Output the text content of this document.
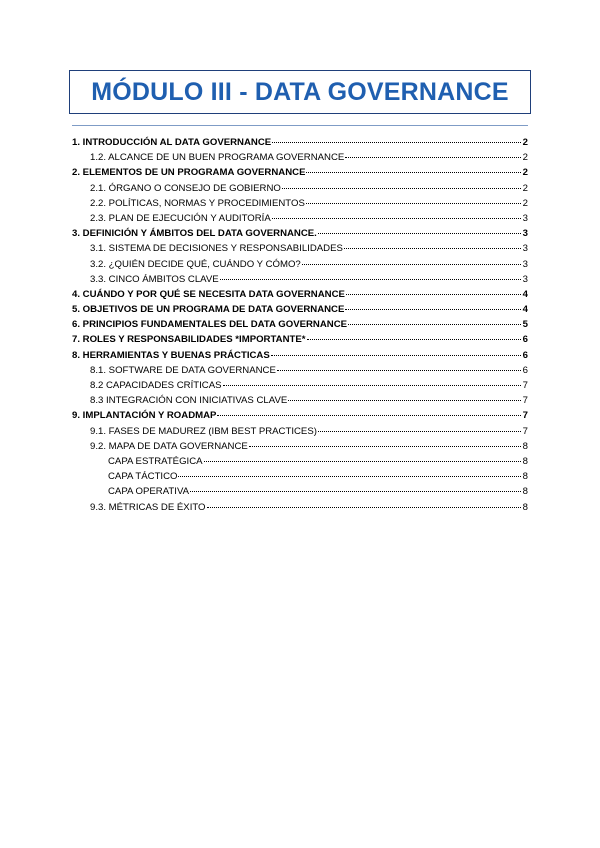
MÓDULO III - DATA GOVERNANCE
1. INTRODUCCIÓN AL DATA GOVERNANCE	2
1.2. ALCANCE DE UN BUEN PROGRAMA GOVERNANCE	2
2. ELEMENTOS DE UN PROGRAMA GOVERNANCE	2
2.1. ÓRGANO O CONSEJO DE GOBIERNO	2
2.2. POLÍTICAS, NORMAS Y PROCEDIMIENTOS	2
2.3. PLAN DE EJECUCIÓN Y AUDITORÍA	3
3. DEFINICIÓN Y ÁMBITOS DEL DATA GOVERNANCE.	3
3.1. SISTEMA DE DECISIONES Y RESPONSABILIDADES	3
3.2. ¿QUIÉN DECIDE QUÉ, CUÁNDO Y CÓMO?	3
3.3. CINCO ÁMBITOS CLAVE	3
4. CUÁNDO Y POR QUÉ SE NECESITA DATA GOVERNANCE	4
5. OBJETIVOS DE UN PROGRAMA DE DATA GOVERNANCE	4
6. PRINCIPIOS FUNDAMENTALES DEL DATA GOVERNANCE	5
7. ROLES Y RESPONSABILIDADES *IMPORTANTE*	6
8. HERRAMIENTAS Y BUENAS PRÁCTICAS	6
8.1. SOFTWARE DE DATA GOVERNANCE	6
8.2 CAPACIDADES CRÍTICAS	7
8.3 INTEGRACIÓN CON INICIATIVAS CLAVE	7
9. IMPLANTACIÓN Y ROADMAP	7
9.1. FASES DE MADUREZ (IBM BEST PRACTICES)	7
9.2. MAPA DE DATA GOVERNANCE	8
CAPA ESTRATÉGICA	8
CAPA TÁCTICO	8
CAPA OPERATIVA	8
9.3. MÉTRICAS DE ÉXITO	8
